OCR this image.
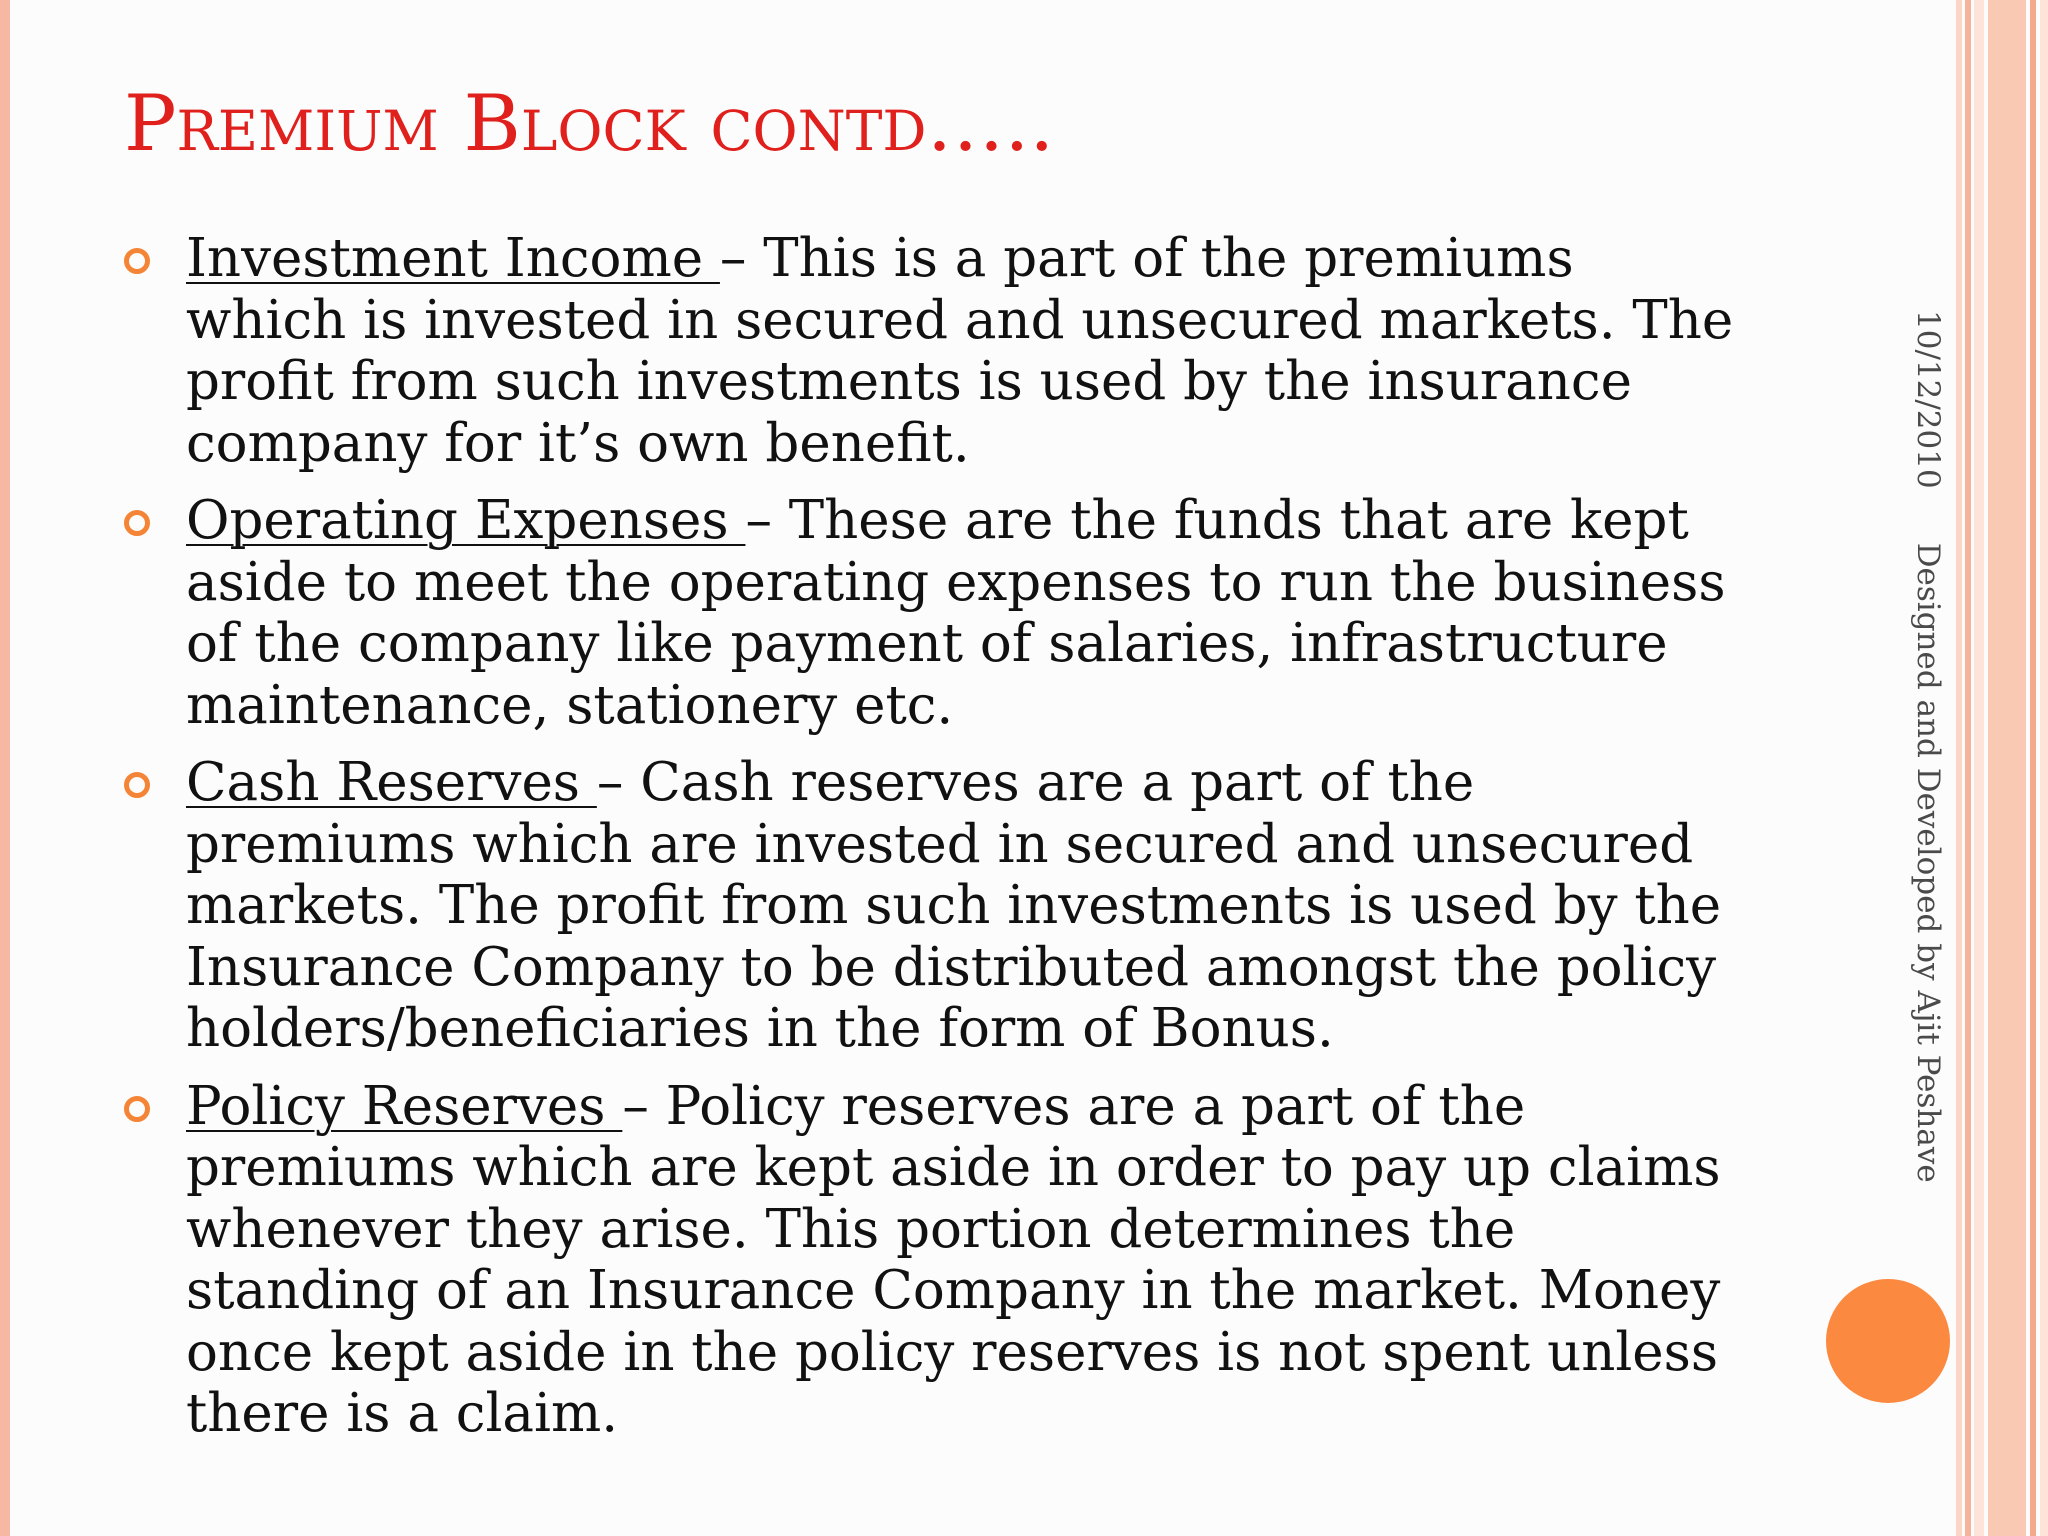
Premium Block contd…..
Investment Income – This is a part of the premiums which is invested in secured and unsecured markets. The profit from such investments is used by the insurance company for it’s own benefit.
Operating Expenses – These are the funds that are kept aside to meet the operating expenses to run the business of the company like payment of salaries, infrastructure maintenance, stationery etc.
Cash Reserves – Cash reserves are a part of the premiums which are invested in secured and unsecured markets. The profit from such investments is used by the Insurance Company to be distributed amongst the policy holders/beneficiaries in the form of Bonus.
Policy Reserves – Policy reserves are a part of the premiums which are kept aside in order to pay up claims whenever they arise. This portion determines the standing of an Insurance Company in the market. Money once kept aside in the policy reserves is not spent unless there is a claim.
10/12/2010Designed and Developed by Ajit Peshave
